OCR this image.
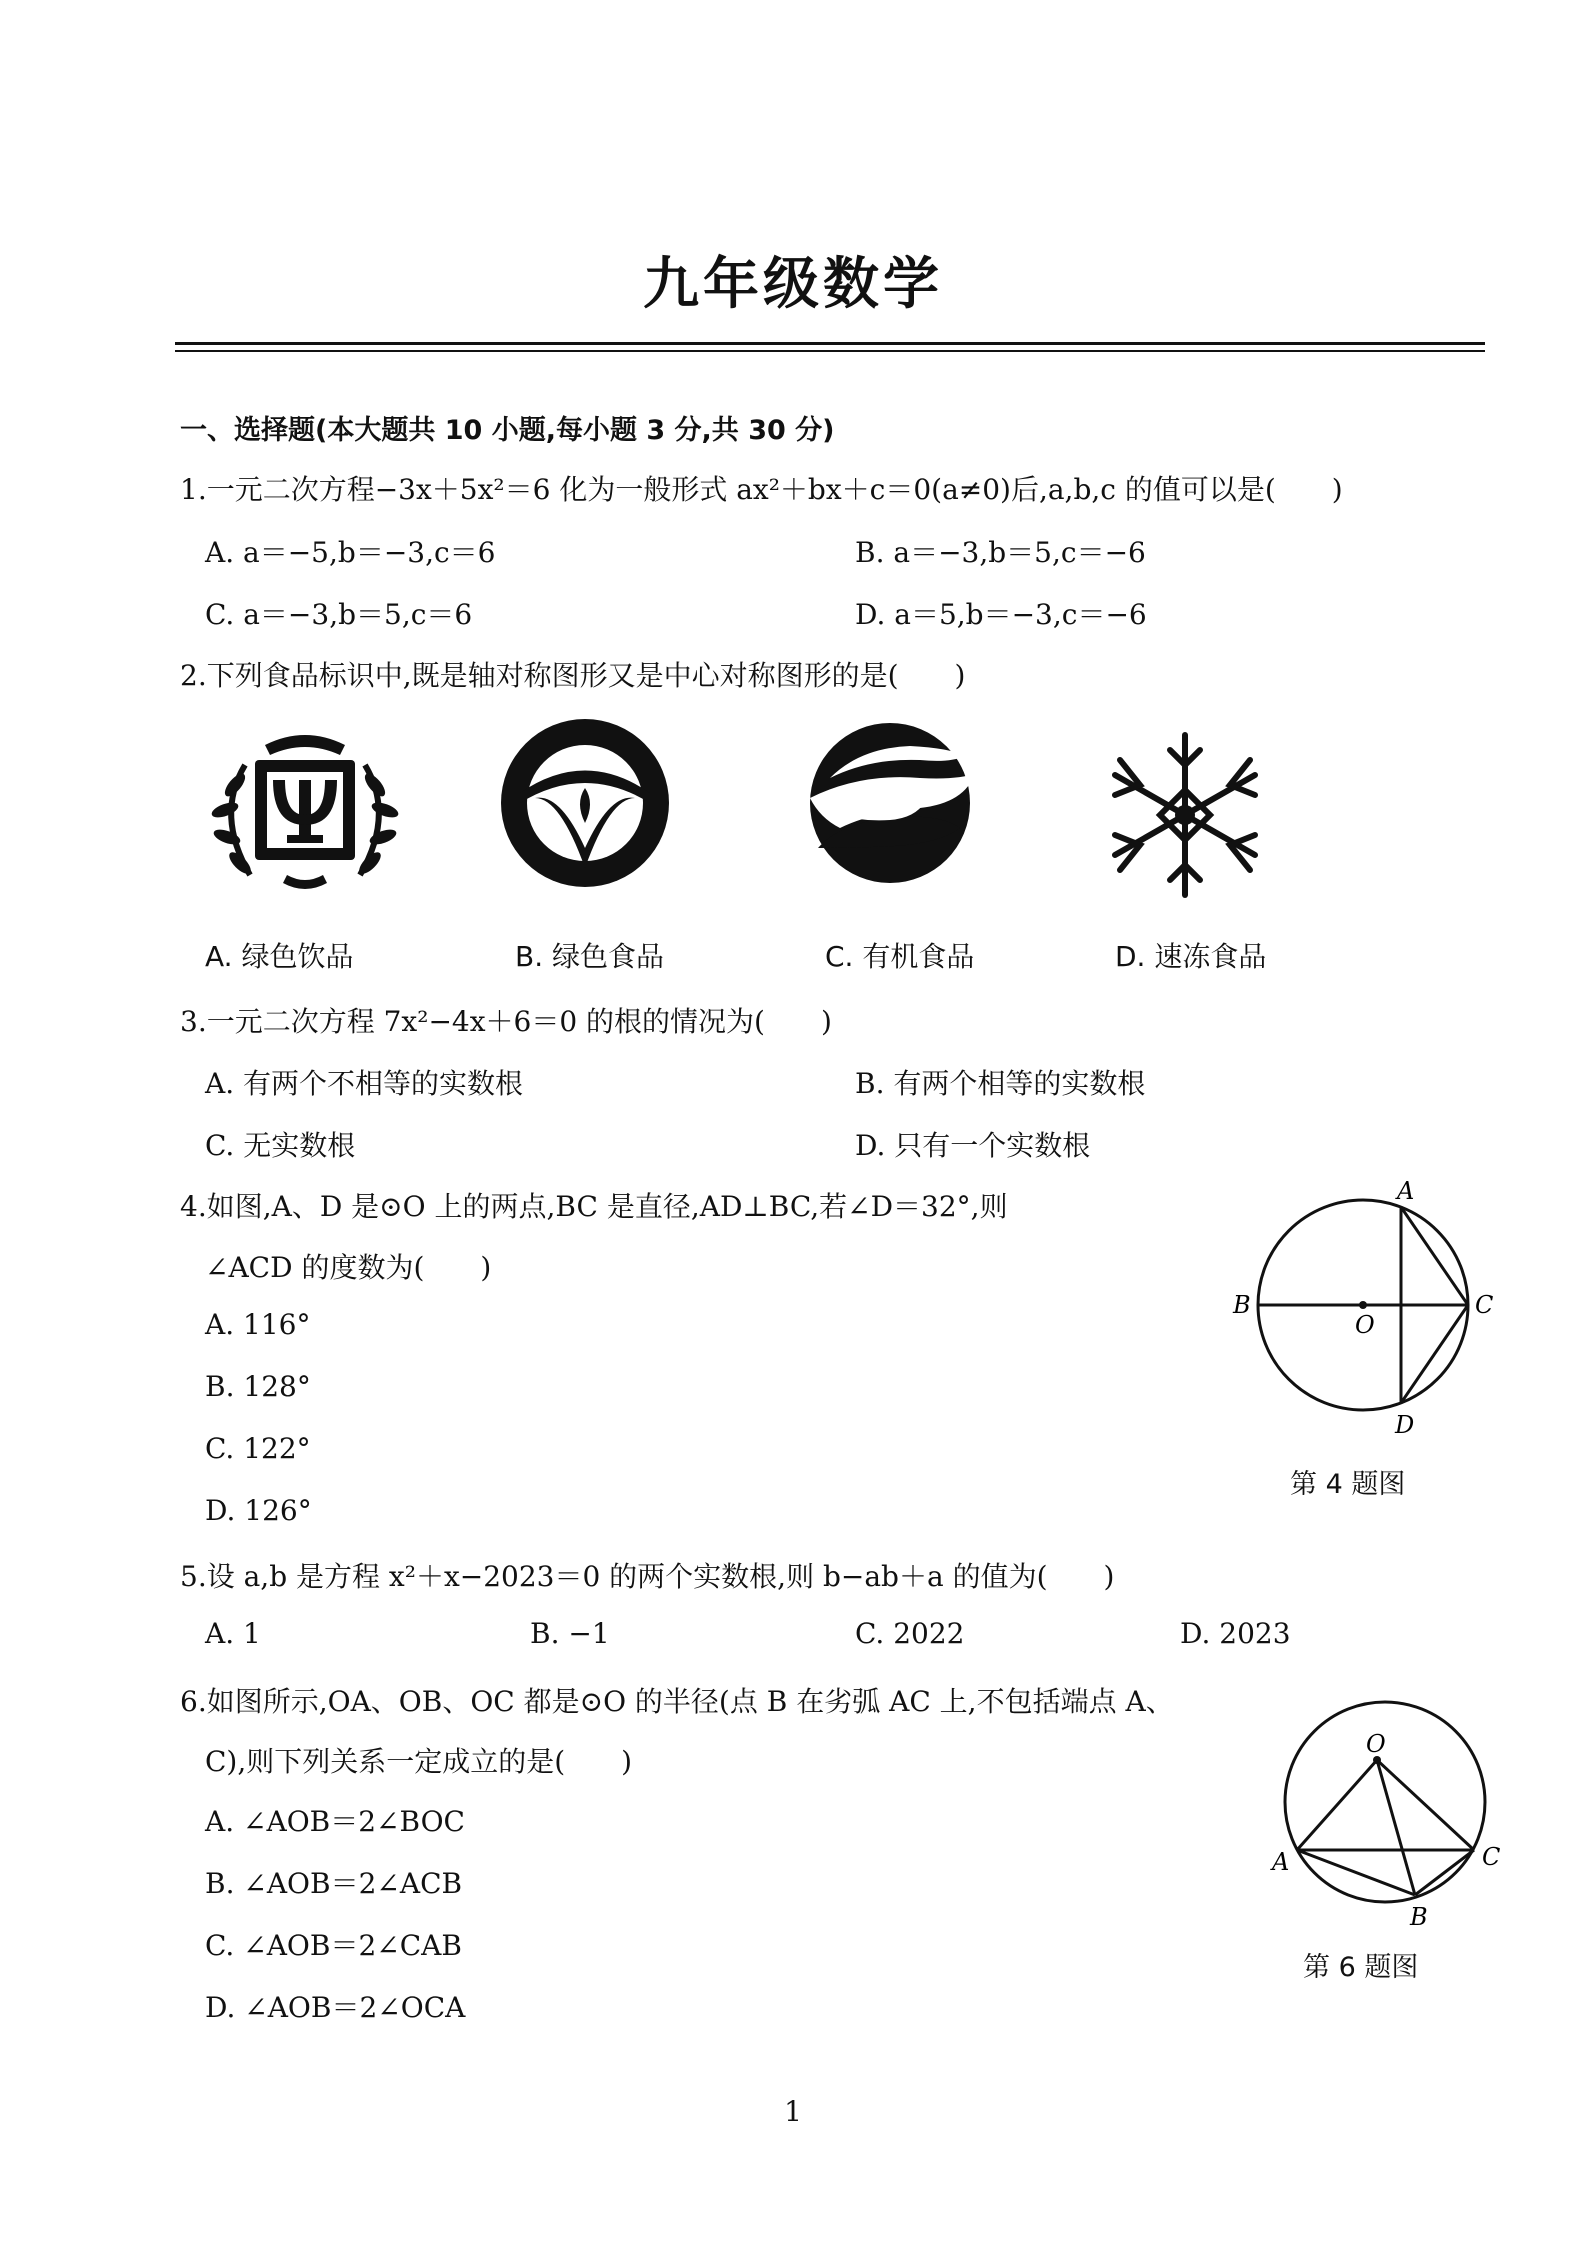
九年级数学
一、选择题(本大题共 10 小题,每小题 3 分,共 30 分)
1.一元二次方程−3x＋5x²＝6 化为一般形式 ax²＋bx＋c＝0(a≠0)后,a,b,c 的值可以是(　　)
A. a＝−5,b＝−3,c＝6	B. a＝−3,b＝5,c＝−6
C. a＝−3,b＝5,c＝6	D. a＝5,b＝−3,c＝−6
2.下列食品标识中,既是轴对称图形又是中心对称图形的是(　　)
A. 绿色饮品	B. 绿色食品	C. 有机食品	D. 速冻食品
3.一元二次方程 7x²−4x＋6＝0 的根的情况为(　　)
A. 有两个不相等的实数根	B. 有两个相等的实数根
C. 无实数根	D. 只有一个实数根
4.如图,A、D 是⊙O 上的两点,BC 是直径,AD⊥BC,若∠D＝32°,则
∠ACD 的度数为(　　)
A. 116°
B. 128°
C. 122°
D. 126°
A
B	C
D
O
第 4 题图
5.设 a,b 是方程 x²＋x−2023＝0 的两个实数根,则 b−ab＋a 的值为(　　)
A. 1	B. −1	C. 2022	D. 2023
6.如图所示,OA、OB、OC 都是⊙O 的半径(点 B 在劣弧 AC 上,不包括端点 A、
C),则下列关系一定成立的是(　　)
A. ∠AOB＝2∠BOC
B. ∠AOB＝2∠ACB
C. ∠AOB＝2∠CAB
D. ∠AOB＝2∠OCA
O
A	C
B
第 6 题图
1
